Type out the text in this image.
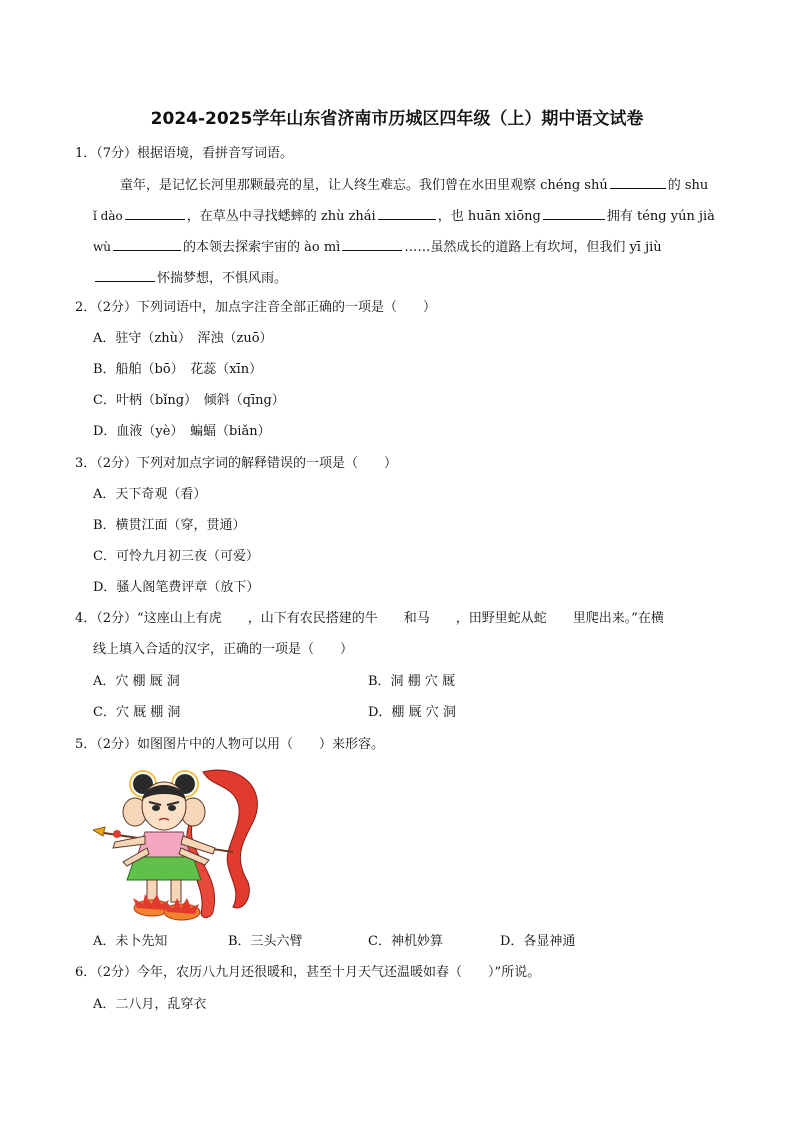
2024-2025学年山东省济南市历城区四年级（上）期中语文试卷
1．（7分）根据语境，看拼音写词语。
童年，是记忆长河里那颗最亮的星，让人终生难忘。我们曾在水田里观察 chéng shú	的 shu
ǐ dào	，在草丛中寻找蟋蟀的 zhù zhái	，也 huān xiōng	拥有 téng yún jià
wù	的本领去探索宇宙的 ào mì	……虽然成长的道路上有坎坷，但我们 yī jiù
怀揣梦想，不惧风雨。
2．（2分）下列词语中，加点字注音全部正确的一项是（　　）
A．驻守（zhù）　浑浊（zuō）
B．船舶（bō）　花蕊（xīn）
C．叶柄（bǐng）　倾斜（qīng）
D．血液（yè）　蝙蝠（biǎn）
3．（2分）下列对加点字词的解释错误的一项是（　　）
A．天下奇观（看）
B．横贯江面（穿，贯通）
C．可怜九月初三夜（可爱）
D．骚人阁笔费评章（放下）
4．（2分）“这座山上有虎　　，山下有农民搭建的牛　　和马　　，田野里蛇从蛇　　里爬出来。”在横
线上填入合适的汉字，正确的一项是（　　）
A．穴 棚 厩 洞	B．洞 棚 穴 厩
C．穴 厩 棚 洞	D．棚 厩 穴 洞
5．（2分）如图图片中的人物可以用（　　）来形容。
A．未卜先知	B．三头六臂	C．神机妙算	D．各显神通
6．（2分）今年，农历八九月还很暖和，甚至十月天气还温暖如春（　　）”所说。
A．二八月，乱穿衣
